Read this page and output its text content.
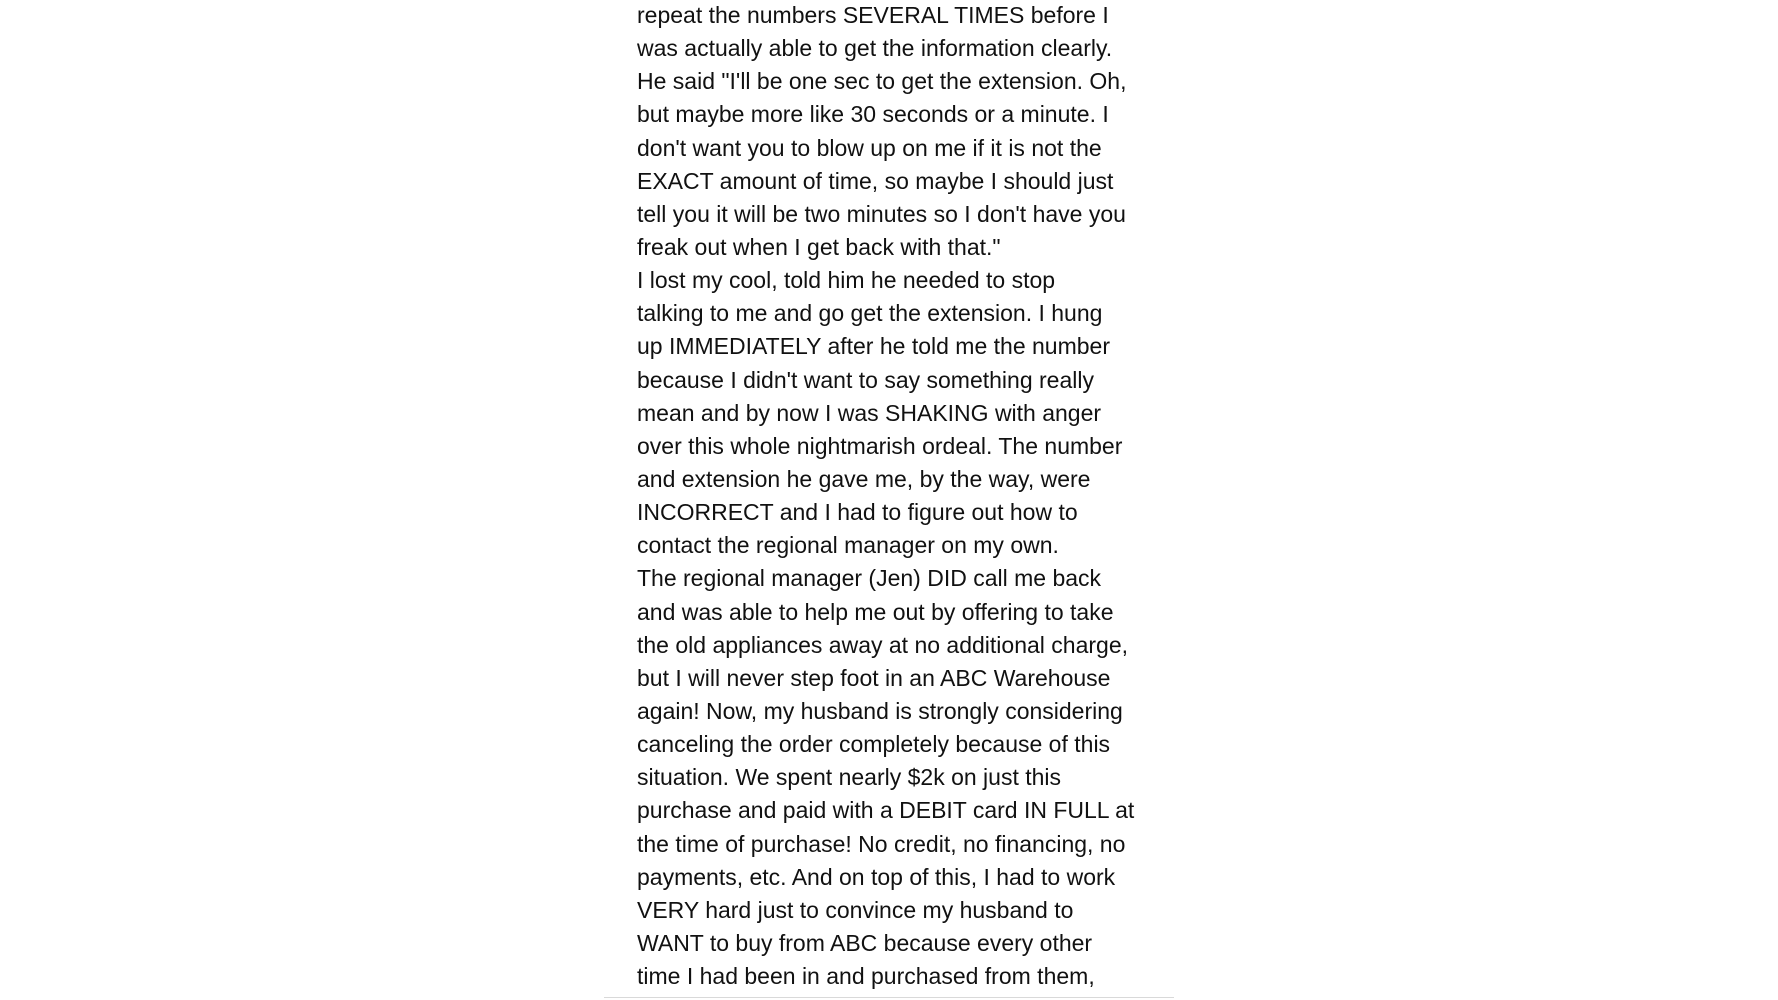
repeat the numbers SEVERAL TIMES before I
was actually able to get the information clearly.
He said "I'll be one sec to get the extension. Oh,
but maybe more like 30 seconds or a minute. I
don't want you to blow up on me if it is not the
EXACT amount of time, so maybe I should just
tell you it will be two minutes so I don't have you
freak out when I get back with that."
I lost my cool, told him he needed to stop
talking to me and go get the extension. I hung
up IMMEDIATELY after he told me the number
because I didn't want to say something really
mean and by now I was SHAKING with anger
over this whole nightmarish ordeal. The number
and extension he gave me, by the way, were
INCORRECT and I had to figure out how to
contact the regional manager on my own.
The regional manager (Jen) DID call me back
and was able to help me out by offering to take
the old appliances away at no additional charge,
but I will never step foot in an ABC Warehouse
again! Now, my husband is strongly considering
canceling the order completely because of this
situation. We spent nearly $2k on just this
purchase and paid with a DEBIT card IN FULL at
the time of purchase! No credit, no financing, no
payments, etc. And on top of this, I had to work
VERY hard just to convince my husband to
WANT to buy from ABC because every other
time I had been in and purchased from them,
